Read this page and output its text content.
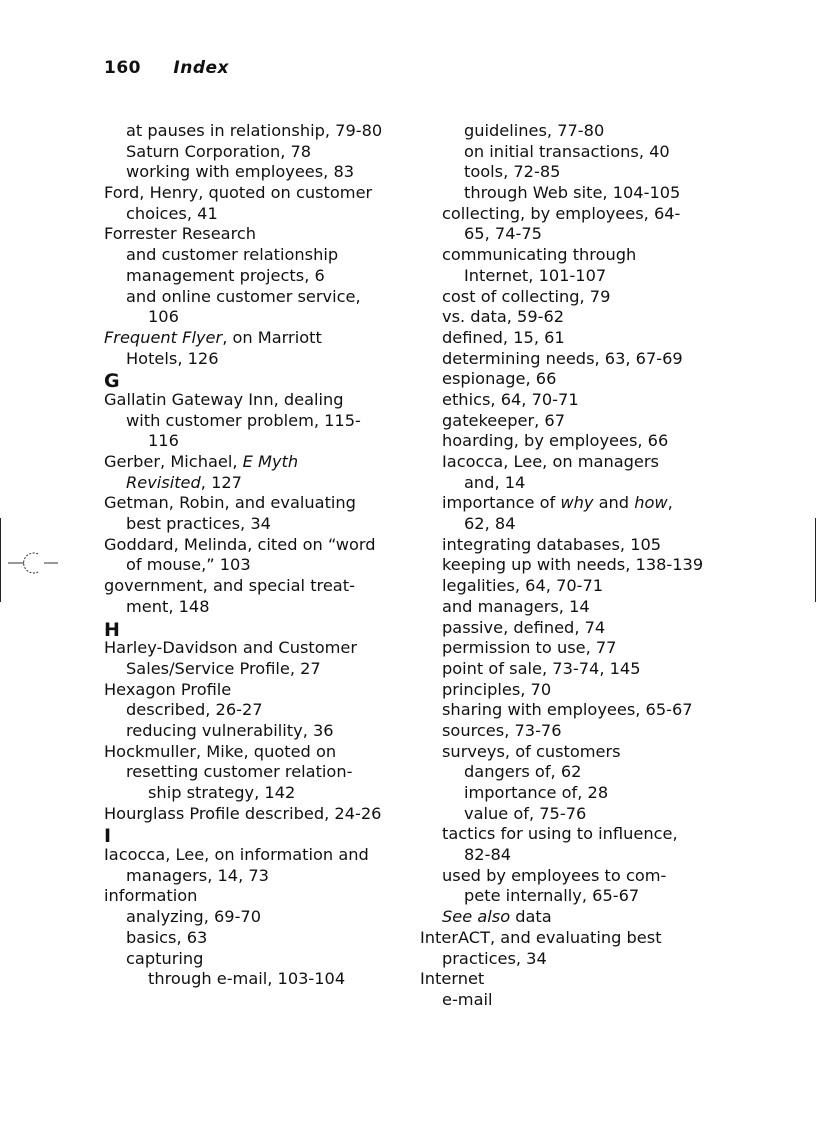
160 Index
at pauses in relationship, 79-80
Saturn Corporation, 78
working with employees, 83
Ford, Henry, quoted on customer
choices, 41
Forrester Research
and customer relationship
management projects, 6
and online customer service,
106
Frequent Flyer, on Marriott
Hotels, 126
G
Gallatin Gateway Inn, dealing
with customer problem, 115-
116
Gerber, Michael, E Myth
Revisited, 127
Getman, Robin, and evaluating
best practices, 34
Goddard, Melinda, cited on “word
of mouse,” 103
government, and special treat-
ment, 148
H
Harley-Davidson and Customer
Sales/Service Profile, 27
Hexagon Profile
described, 26-27
reducing vulnerability, 36
Hockmuller, Mike, quoted on
resetting customer relation-
ship strategy, 142
Hourglass Profile described, 24-26
I
Iacocca, Lee, on information and
managers, 14, 73
information
analyzing, 69-70
basics, 63
capturing
through e-mail, 103-104
guidelines, 77-80
on initial transactions, 40
tools, 72-85
through Web site, 104-105
collecting, by employees, 64-
65, 74-75
communicating through
Internet, 101-107
cost of collecting, 79
vs. data, 59-62
defined, 15, 61
determining needs, 63, 67-69
espionage, 66
ethics, 64, 70-71
gatekeeper, 67
hoarding, by employees, 66
Iacocca, Lee, on managers
and, 14
importance of why and how,
62, 84
integrating databases, 105
keeping up with needs, 138-139
legalities, 64, 70-71
and managers, 14
passive, defined, 74
permission to use, 77
point of sale, 73-74, 145
principles, 70
sharing with employees, 65-67
sources, 73-76
surveys, of customers
dangers of, 62
importance of, 28
value of, 75-76
tactics for using to influence,
82-84
used by employees to com-
pete internally, 65-67
See also data
InterACT, and evaluating best
practices, 34
Internet
e-mail
